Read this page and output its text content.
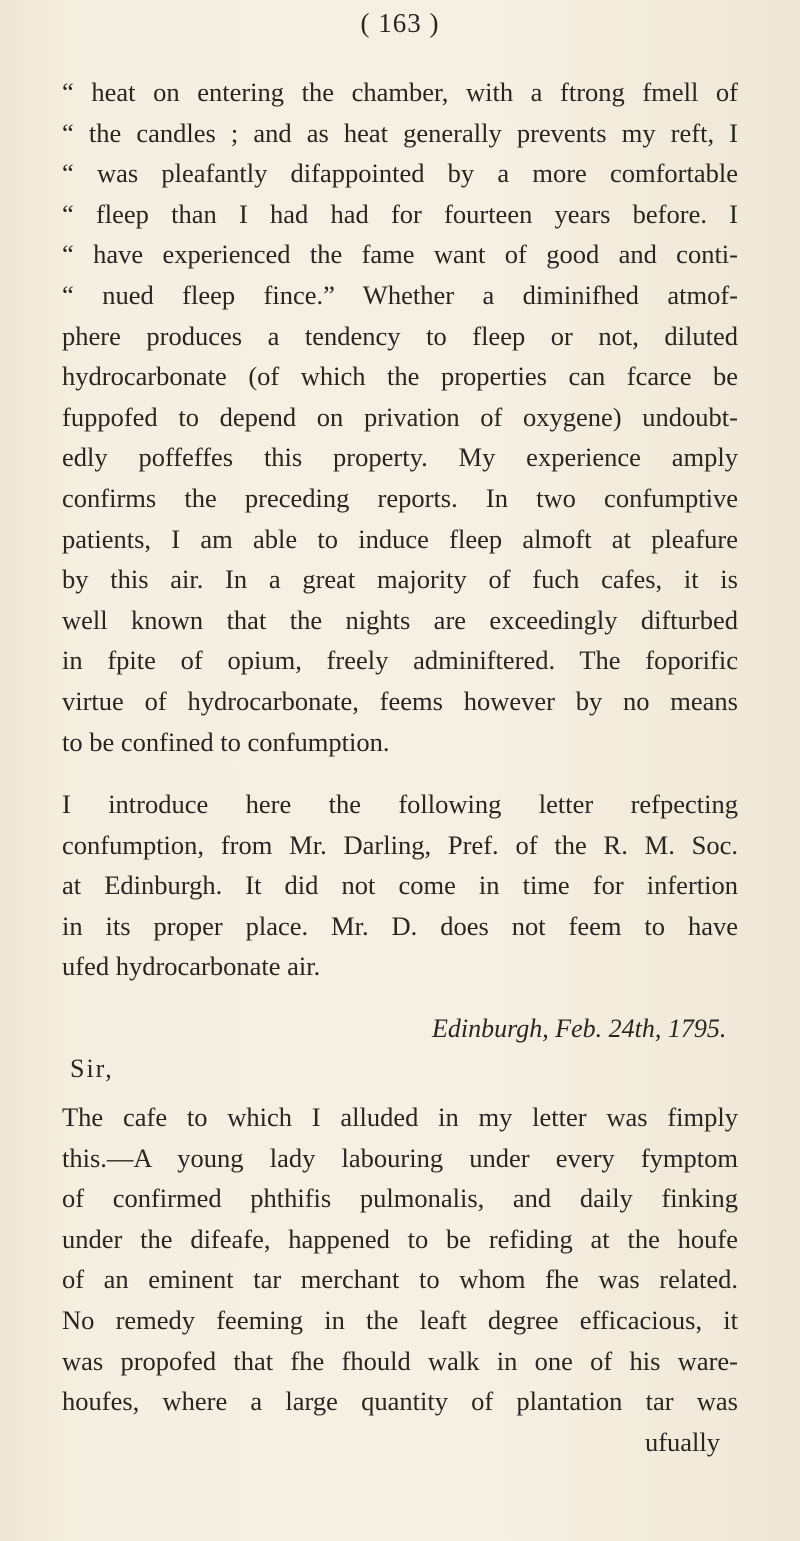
( 163 )
“ heat on entering the chamber, with a ftrong fmell of
“ the candles ; and as heat generally prevents my reft, I
“ was pleafantly difappointed by a more comfortable
“ fleep than I had had for fourteen years before. I
“ have experienced the fame want of good and conti-
“ nued fleep fince.” Whether a diminifhed atmof-
phere produces a tendency to fleep or not, diluted
hydrocarbonate (of which the properties can fcarce be
fuppofed to depend on privation of oxygene) undoubt-
edly poffeffes this property. My experience amply
confirms the preceding reports. In two confumptive
patients, I am able to induce fleep almoft at pleafure
by this air. In a great majority of fuch cafes, it is
well known that the nights are exceedingly difturbed
in fpite of opium, freely adminiftered. The foporific
virtue of hydrocarbonate, feems however by no means
to be confined to confumption.
I introduce here the following letter refpecting
confumption, from Mr. Darling, Pref. of the R. M. Soc.
at Edinburgh. It did not come in time for infertion
in its proper place. Mr. D. does not feem to have
ufed hydrocarbonate air.
Edinburgh, Feb. 24th, 1795.
Sir,
The cafe to which I alluded in my letter was fimply
this.—A young lady labouring under every fymptom
of confirmed phthifis pulmonalis, and daily finking
under the difeafe, happened to be refiding at the houfe
of an eminent tar merchant to whom fhe was related.
No remedy feeming in the leaft degree efficacious, it
was propofed that fhe fhould walk in one of his ware-
houfes, where a large quantity of plantation tar was
ufually
